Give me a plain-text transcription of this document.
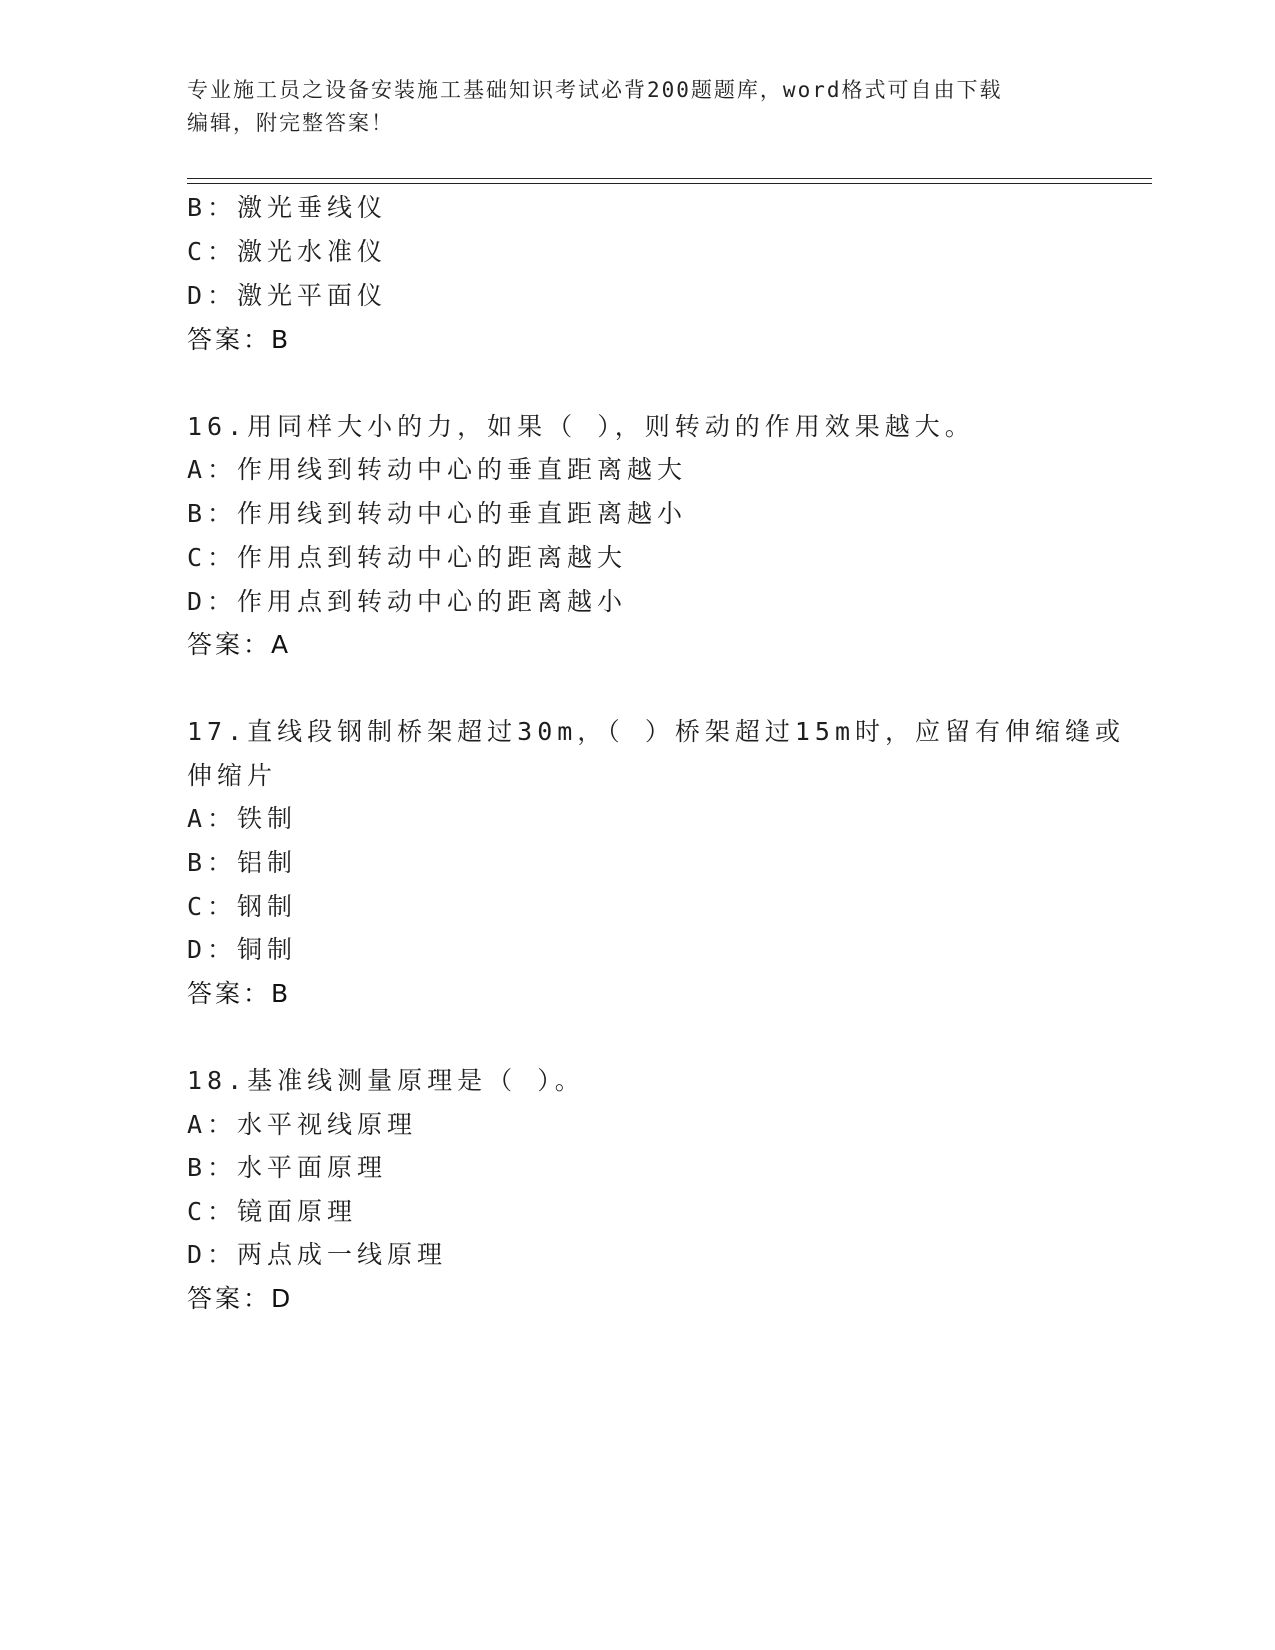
专业施工员之设备安装施工基础知识考试必背200题题库，word格式可自由下载
编辑，附完整答案！
B：激光垂线仪
C：激光水准仪
D：激光平面仪
答案：B
16.用同样大小的力，如果（ ），则转动的作用效果越大。
A：作用线到转动中心的垂直距离越大
B：作用线到转动中心的垂直距离越小
C：作用点到转动中心的距离越大
D：作用点到转动中心的距离越小
答案：A
17.直线段钢制桥架超过30m，（ ）桥架超过15m时，应留有伸缩缝或
伸缩片
A：铁制
B：铝制
C：钢制
D：铜制
答案：B
18.基准线测量原理是（ ）。
A：水平视线原理
B：水平面原理
C：镜面原理
D：两点成一线原理
答案：D
